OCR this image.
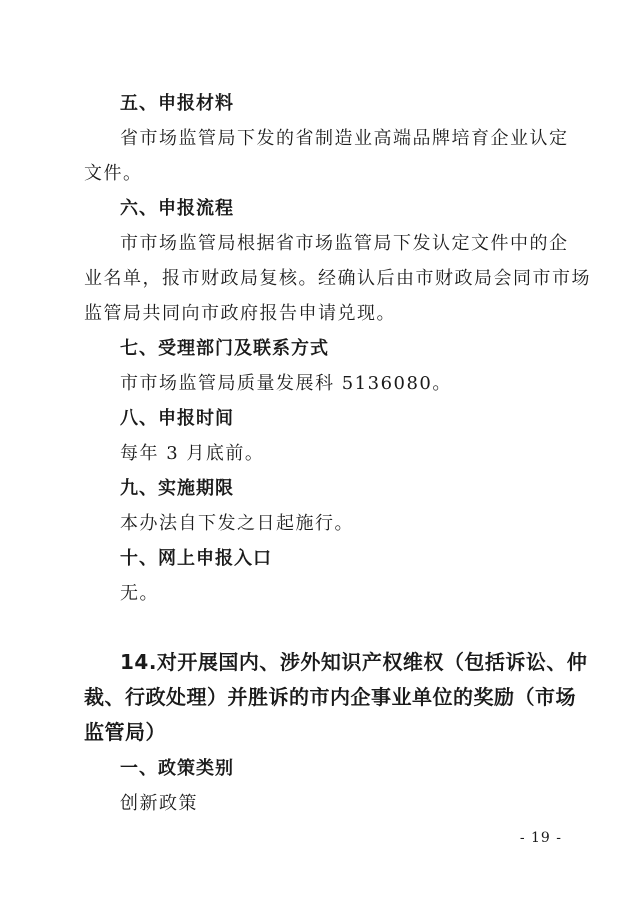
五、申报材料
省市场监管局下发的省制造业高端品牌培育企业认定
文件。
六、申报流程
市市场监管局根据省市场监管局下发认定文件中的企
业名单，报市财政局复核。经确认后由市财政局会同市市场
监管局共同向市政府报告申请兑现。
七、受理部门及联系方式
市市场监管局质量发展科 5136080。
八、申报时间
每年 3 月底前。
九、实施期限
本办法自下发之日起施行。
十、网上申报入口
无。
14.对开展国内、涉外知识产权维权（包括诉讼、仲
裁、行政处理）并胜诉的市内企事业单位的奖励（市场
监管局）
一、政策类别
创新政策
- 19 -
